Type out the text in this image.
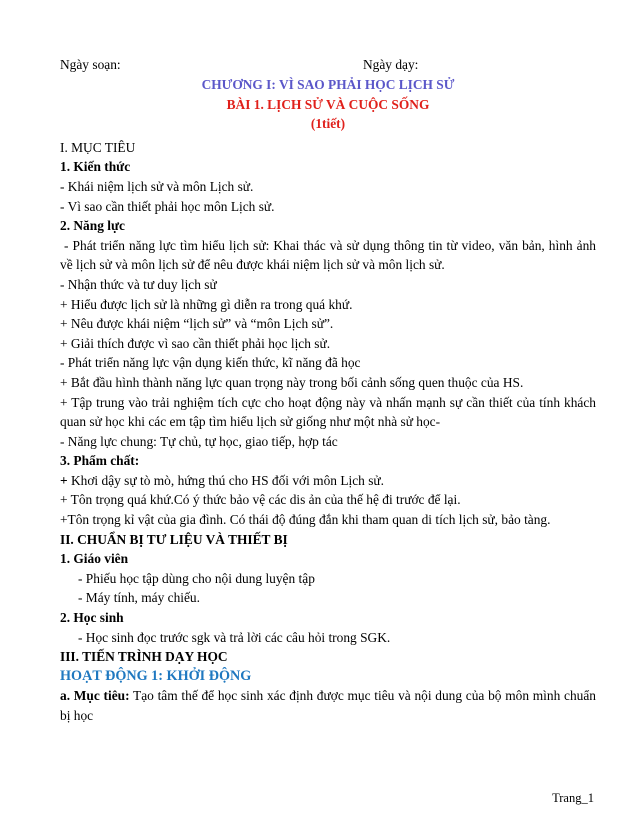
Ngày soạn:	Ngày dạy:
CHƯƠNG I: VÌ SAO PHẢI HỌC LỊCH SỬ
BÀI 1. LỊCH SỬ VÀ CUỘC SỐNG
(1tiết)
I. MỤC TIÊU
1. Kiến thức
- Khái niệm lịch sử và môn Lịch sử.
- Vì sao cần thiết phải học môn Lịch sử.
2. Năng lực
- Phát triển năng lực tìm hiểu lịch sử: Khai thác và sử dụng thông tin từ video, văn bản, hình ảnh về lịch sử và môn lịch sử để nêu được khái niệm lịch sử và môn lịch sử.
- Nhận thức và tư duy lịch sử
+ Hiểu được lịch sử là những gì diễn ra trong quá khứ.
+ Nêu được khái niệm “lịch sử” và “môn Lịch sử”.
+ Giải thích được vì sao cần thiết phải học lịch sử.
- Phát triển năng lực vận dụng kiến thức, kĩ năng đã học
+ Bắt đầu hình thành năng lực quan trọng này trong bối cảnh sống quen thuộc của HS.
+ Tập trung vào trải nghiệm tích cực cho hoạt động này và nhấn mạnh sự cần thiết của tính khách quan sử học khi các em tập tìm hiểu lịch sử giống như một nhà sử học-
- Năng lực chung: Tự chủ, tự học, giao tiếp, hợp tác
3. Phẩm chất:
+ Khơi dậy sự tò mò, hứng thú cho HS đối với môn Lịch sử.
+ Tôn trọng quá khứ.Có ý thức bảo vệ các dis ản của thế hệ đi trước để lại.
+Tôn trọng kỉ vật của gia đình. Có thái độ đúng đắn khi tham quan di tích lịch sử, bảo tàng.
II. CHUẨN BỊ TƯ LIỆU VÀ THIẾT BỊ
1. Giáo viên
- Phiếu học tập dùng cho nội dung luyện tập
- Máy tính, máy chiếu.
2. Học sinh
- Học sinh đọc trước sgk và trả lời các câu hỏi trong SGK.
III. TIẾN TRÌNH DẠY HỌC
HOẠT ĐỘNG 1: KHỞI ĐỘNG
a. Mục tiêu: Tạo tâm thế để học sinh xác định được mục tiêu và nội dung của bộ môn mình chuẩn bị học
Trang_1
